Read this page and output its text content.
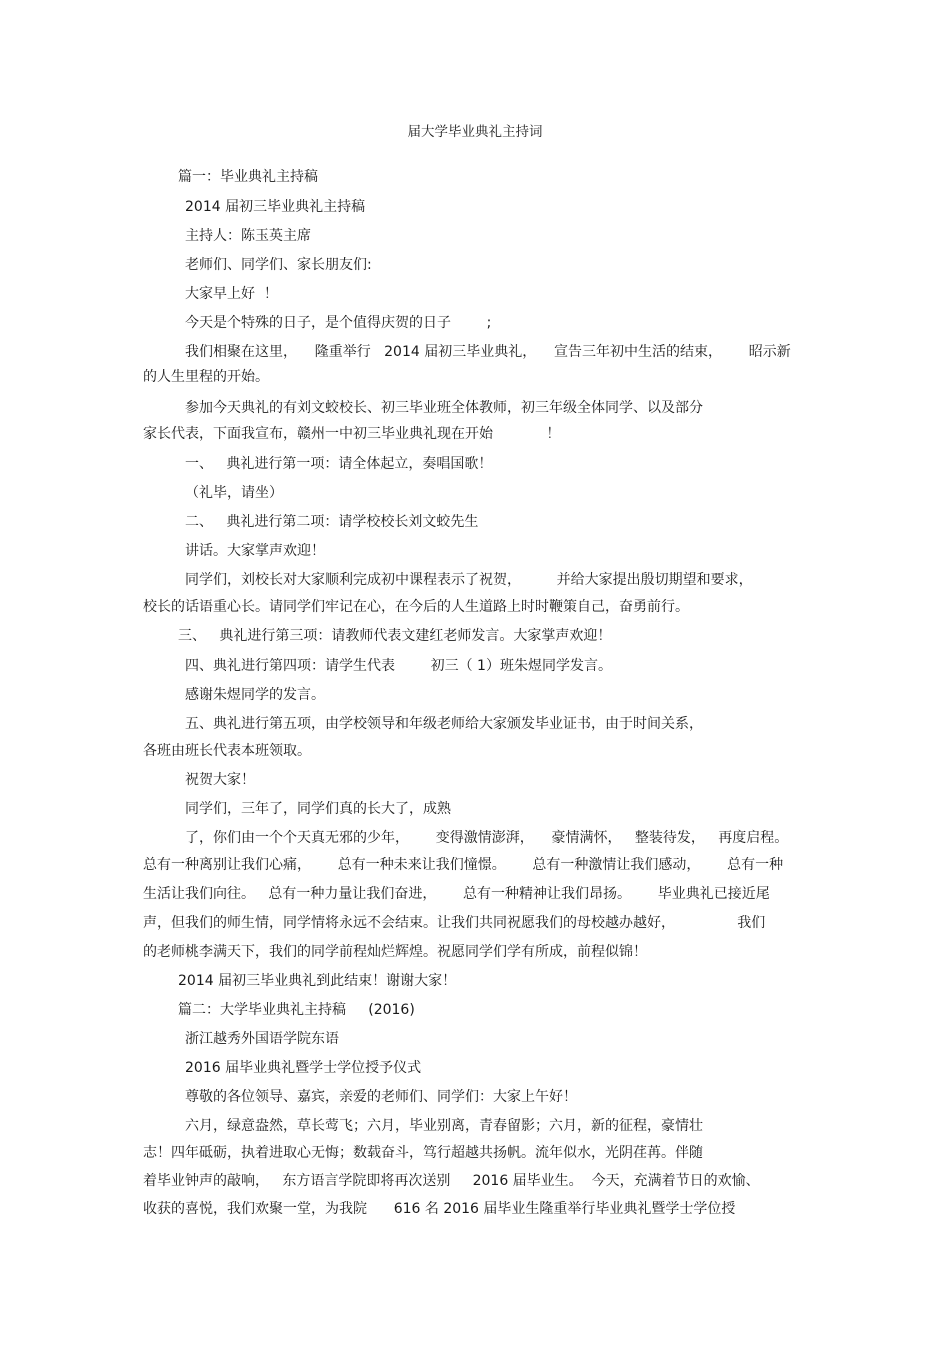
届大学毕业典礼主持词
篇一：毕业典礼主持稿
2014 届初三毕业典礼主持稿
主持人：陈玉英主席
老师们、同学们、家长朋友们:
大家早上好  ！
今天是个特殊的日子，是个值得庆贺的日子        ;
我们相聚在这里，    隆重举行   2014 届初三毕业典礼，    宣告三年初中生活的结束，      昭示新
的人生里程的开始。
参加今天典礼的有刘文蛟校长、初三毕业班全体教师，初三年级全体同学、以及部分
家长代表，下面我宣布，赣州一中初三毕业典礼现在开始            ！
一、   典礼进行第一项：请全体起立，奏唱国歌！
（礼毕，请坐）
二、   典礼进行第二项：请学校校长刘文蛟先生
讲话。大家掌声欢迎！
同学们，刘校长对大家顺利完成初中课程表示了祝贺，        并给大家提出殷切期望和要求，
校长的话语重心长。请同学们牢记在心，在今后的人生道路上时时鞭策自己，奋勇前行。
三、   典礼进行第三项：请教师代表文建红老师发言。大家掌声欢迎！
四、典礼进行第四项：请学生代表        初三（ 1）班朱煜同学发言。
感谢朱煜同学的发言。
五、典礼进行第五项，由学校领导和年级老师给大家颁发毕业证书，由于时间关系，
各班由班长代表本班领取。
祝贺大家！
同学们，三年了，同学们真的长大了，成熟
了，你们由一个个天真无邪的少年，      变得激情澎湃，    豪情满怀，   整装待发，   再度启程。
总有一种离别让我们心痛，      总有一种未来让我们憧憬。      总有一种激情让我们感动，      总有一种
生活让我们向往。   总有一种力量让我们奋进，      总有一种精神让我们昂扬。      毕业典礼已接近尾
声，但我们的师生情，同学情将永远不会结束。让我们共同祝愿我们的母校越办越好，              我们
的老师桃李满天下，我们的同学前程灿烂辉煌。祝愿同学们学有所成，前程似锦！
2014 届初三毕业典礼到此结束！谢谢大家！
篇二：大学毕业典礼主持稿     (2016)
浙江越秀外国语学院东语
2016 届毕业典礼暨学士学位授予仪式
尊敬的各位领导、嘉宾，亲爱的老师们、同学们：大家上午好！
六月，绿意盎然，草长莺飞；六月，毕业别离，青春留影；六月，新的征程，豪情壮
志！四年砥砺，执着进取心无悔；数载奋斗，笃行超越共扬帆。流年似水，光阴荏苒。伴随
着毕业钟声的敲响，   东方语言学院即将再次送别     2016 届毕业生。  今天，充满着节日的欢愉、
收获的喜悦，我们欢聚一堂，为我院      616 名 2016 届毕业生隆重举行毕业典礼暨学士学位授
